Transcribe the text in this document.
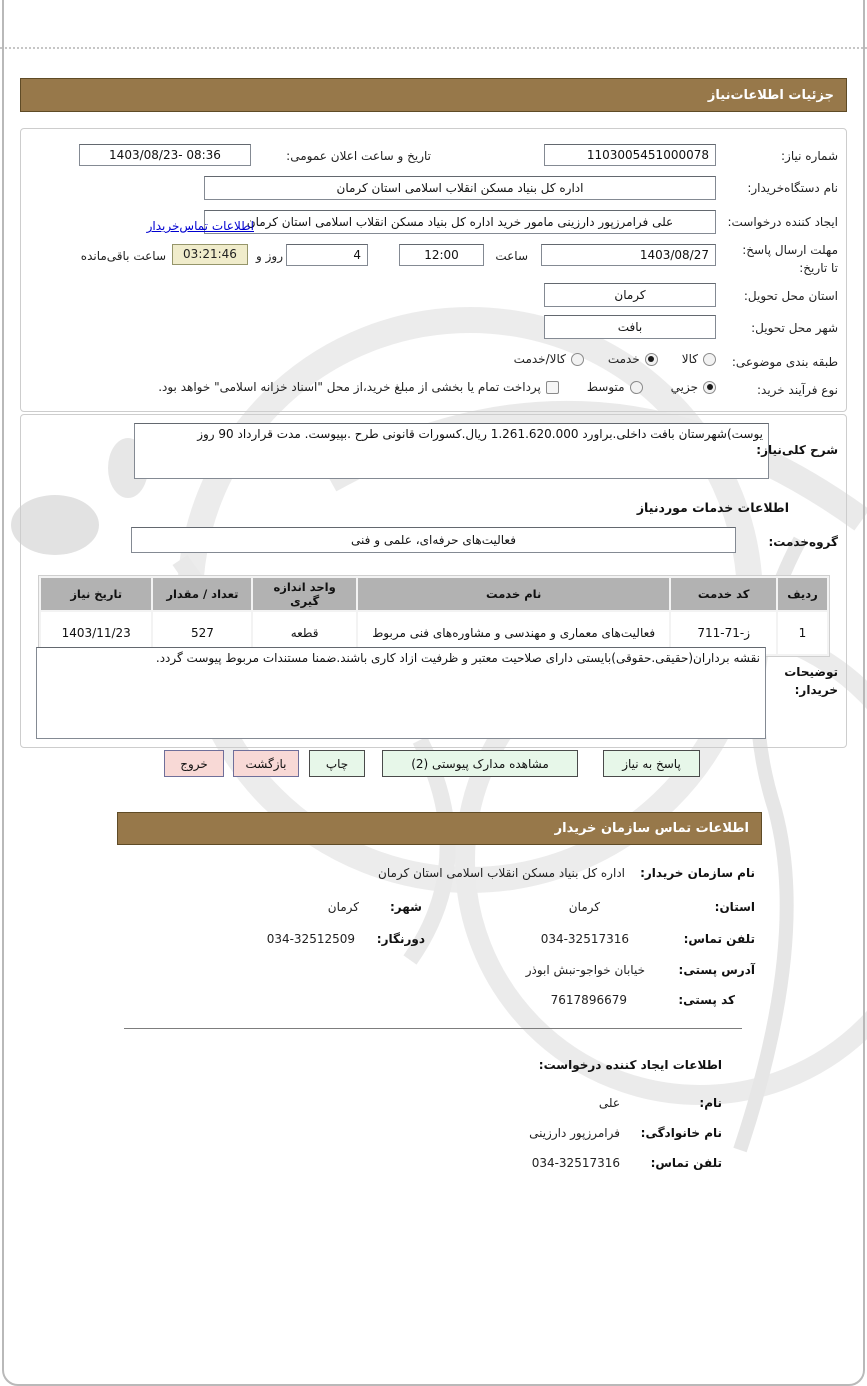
جزئیات اطلاعات‌نیاز
شماره نیاز:
1103005451000078
تاریخ و ساعت اعلان عمومی:
1403/08/23- 08:36
نام دستگاه‌خریدار:
اداره کل بنیاد مسکن انقلاب اسلامی استان کرمان
ایجاد کننده درخواست:
علی فرامرزپور دارزینی مامور خرید اداره کل بنیاد مسکن انقلاب اسلامی استان کرمان
اطلاعات تماس‌خریدار
مهلت ارسال پاسخ: تا تاریخ:
1403/08/27
ساعت
12:00
4
روز و
03:21:46
ساعت باقی‌مانده
استان محل تحویل:
کرمان
شهر محل تحویل:
بافت
طبقه بندی موضوعی:
کالا
خدمت
کالا/خدمت
نوع فرآیند خرید:
جزیي
متوسط
پرداخت تمام یا بخشی از مبلغ خرید،از محل "اسناد خزانه اسلامی" خواهد بود.
یوست)شهرستان بافت داخلی.براورد 1.261.620.000 ریال.کسورات قانونی طرح .بپیوست. مدت قرارداد 90 روز
شرح کلی‌نیاز:
اطلاعات خدمات موردنیاز
گروه‌خدمت:
فعالیت‌های حرفه‌ای، علمی و فنی
ردیف	کد خدمت	نام خدمت	واحد اندازه گیری	تعداد / مقدار	تاریخ نیاز
1	ز-71-711	فعالیت‌های معماری و مهندسی و مشاوره‌های فنی مربوط	قطعه	527	1403/11/23
توضیحات خریدار:
نقشه برداران(حقیقی.حقوقی)بایستی دارای صلاحیت معتبر و ظرفیت ازاد کاری باشند.ضمنا مستندات مربوط پیوست گردد.
پاسخ به نیاز
مشاهده مدارک پیوستی (2)
چاپ
بازگشت
خروج
اطلاعات تماس سازمان خریدار
نام سازمان خریدار:
اداره کل بنیاد مسکن انقلاب اسلامی استان کرمان
استان:
کرمان
شهر:
کرمان
تلفن تماس:
034-32517316
دورنگار:
034-32512509
آدرس پستی:
خیابان خواجو-نبش ابوذر
کد پستی:
7617896679
اطلاعات ایجاد کننده درخواست:
نام:
علی
نام خانوادگی:
فرامرزپور دارزینی
تلفن تماس:
034-32517316
